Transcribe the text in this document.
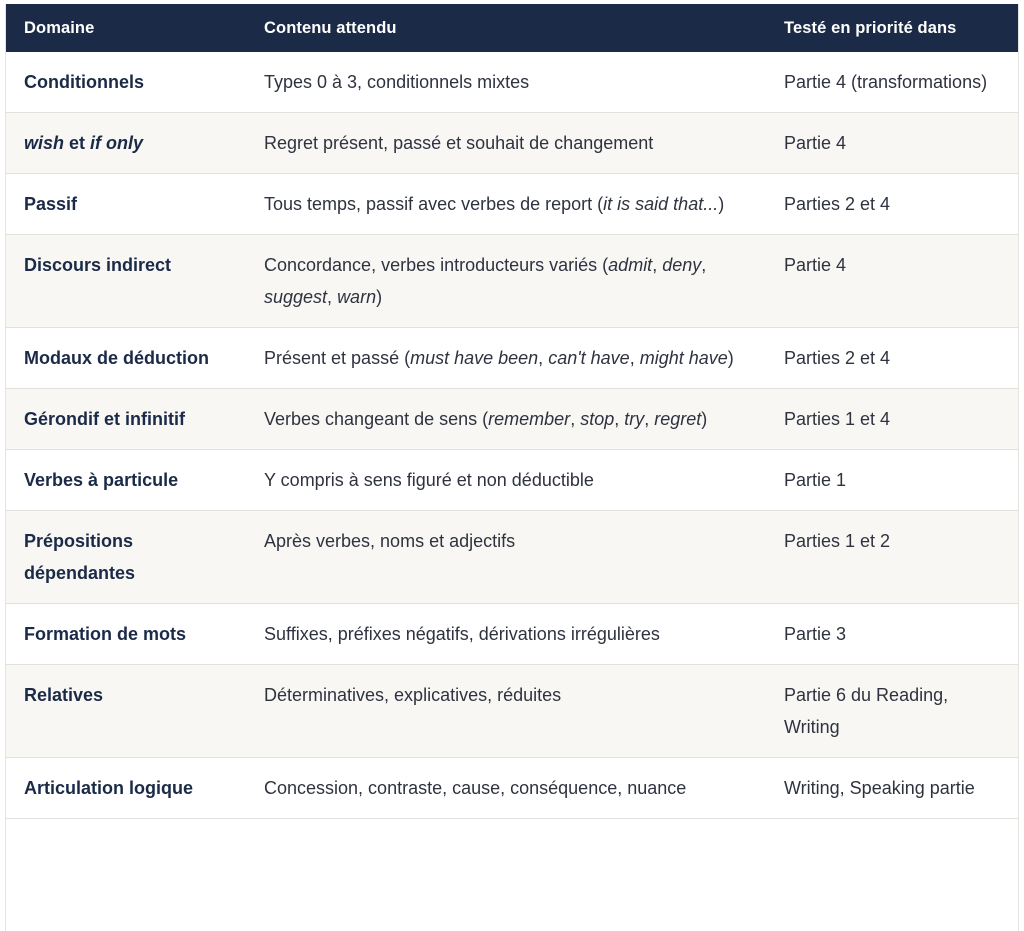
Domaine	Contenu attendu	Testé en priorité dans
Conditionnels	Types 0 à 3, conditionnels mixtes	Partie 4 (transformations)
wish et if only	Regret présent, passé et souhait de changement	Partie 4
Passif	Tous temps, passif avec verbes de report (it is said that...)	Parties 2 et 4
Discours indirect	Concordance, verbes introducteurs variés (admit, deny, suggest, warn)	Partie 4
Modaux de déduction	Présent et passé (must have been, can't have, might have)	Parties 2 et 4
Gérondif et infinitif	Verbes changeant de sens (remember, stop, try, regret)	Parties 1 et 4
Verbes à particule	Y compris à sens figuré et non déductible	Partie 1
Prépositions dépendantes	Après verbes, noms et adjectifs	Parties 1 et 2
Formation de mots	Suffixes, préfixes négatifs, dérivations irrégulières	Partie 3
Relatives	Déterminatives, explicatives, réduites	Partie 6 du Reading, Writing
Articulation logique	Concession, contraste, cause, conséquence, nuance	Writing, Speaking partie
